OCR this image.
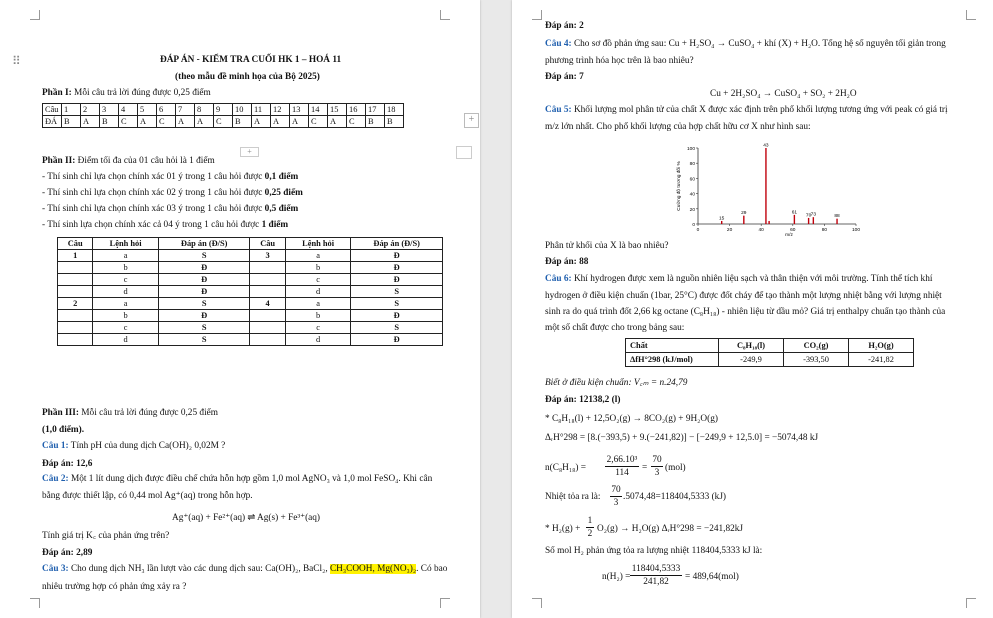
⠿	ĐÁP ÁN - KIỂM TRA CUỐI HK 1 – HOÁ 11
(theo mẫu đề minh họa của Bộ 2025)
Phần I: Mỗi câu trả lời đúng được 0,25 điểm
Câu	1	2	3	4	5	6	7	8	9	10	11	12	13	14	15	16	17	18
ĐÁ	B	A	B	C	A	C	A	A	C	B	A	A	A	C	A	C	B	B	+
+
Phần II: Điểm tối đa của 01 câu hỏi là 1 điểm
- Thí sinh chỉ lựa chọn chính xác 01 ý trong 1 câu hỏi được 0,1 điểm
- Thí sinh chỉ lựa chọn chính xác 02 ý trong 1 câu hỏi được 0,25 điểm
- Thí sinh chỉ lựa chọn chính xác 03 ý trong 1 câu hỏi được 0,5 điểm
- Thí sinh lựa chọn chính xác cả 04 ý trong 1 câu hỏi được 1 điểm
Câu	Lệnh hỏi	Đáp án (Đ/S)	Câu	Lệnh hỏi	Đáp án (Đ/S)
1	a	S	3	a	Đ
	b	Đ		b	Đ
	c	Đ		c	Đ
	d	Đ		d	S
2	a	S	4	a	S
	b	Đ		b	Đ
	c	S		c	S
	d	S		d	Đ
Phần III: Mỗi câu trả lời đúng được 0,25 điểm
(1,0 điểm).
Câu 1: Tính pH của dung dịch Ca(OH)₂ 0,02M ?
Đáp án: 12,6
Câu 2: Một 1 lít dung dịch được điều chế chứa hỗn hợp gồm 1,0 mol AgNO₃ và 1,0 mol FeSO₄. Khi cân
bằng được thiết lập, có 0,44 mol Ag⁺(aq) trong hỗn hợp.
Ag⁺(aq) + Fe²⁺(aq) ⇌ Ag(s) + Fe³⁺(aq)
Tính giá trị K꜀ của phản ứng trên?
Đáp án: 2,89
Câu 3: Cho dung dịch NH₃ lần lượt vào các dung dịch sau: Ca(OH)₂, BaCl₂, CH₃COOH, Mg(NO₃)₂. Có bao
nhiêu trường hợp có phản ứng xảy ra ?
Đáp án: 2
Câu 4: Cho sơ đồ phản ứng sau: Cu + H₂SO₄ → CuSO₄ + khí (X) + H₂O. Tổng hệ số nguyên tối giản trong
phương trình hóa học trên là bao nhiêu?
Đáp án: 7
Cu + 2H₂SO₄ → CuSO₄ + SO₂ + 2H₂O
Câu 5: Khối lượng mol phân tử của chất X được xác định trên phổ khối lượng tương ứng với peak có giá trị
m/z lớn nhất. Cho phổ khối lượng của hợp chất hữu cơ X như hình sau:
0
20
40
60
80
100
0	20	40	60	80	100
15
29
43
61
70 73	88
m/z
Cường độ tương đối %
Phân tử khối của X là bao nhiêu?
Đáp án: 88
Câu 6: Khí hydrogen được xem là nguồn nhiên liệu sạch và thân thiện với môi trường. Tính thể tích khí
hydrogen ở điều kiện chuẩn (1bar, 25°C) được đốt cháy để tạo thành một lượng nhiệt bằng với lượng nhiệt
sinh ra do quá trình đốt 2,66 kg octane (C₈H₁₈) - nhiên liệu từ dầu mỏ? Giá trị enthalpy chuẩn tạo thành của
một số chất được cho trong bảng sau:
Chất	C₈H₁₈(l)	CO₂(g)	H₂O(g)
ΔfH°298 (kJ/mol)	-249,9	-393,50	-241,82
Biết ở điều kiện chuẩn: V꜀ₘ = n.24,79
Đáp án: 12138,2 (l)
* C₈H₁₈(l) + 12,5O₂(g) → 8CO₂(g) + 9H₂O(g)
ΔᵣH°298 = [8.(−393,5) + 9.(−241,82)] − [−249,9 + 12,5.0] = −5074,48 kJ
$n(C_8H_{18}) = \frac{\text{2,66.10³}}{114} = \frac{70}{3} (mol)$
Nhiệt tỏa ra là: $\frac{70}{3} .5074,48=118404,5333$ (kJ)
* $H_2(g) + \frac{1}{2} O_2(g) \to H_2O(g)$ ΔᵣH°298 = −241,82kJ
Số mol H₂ phản ứng tỏa ra lượng nhiệt 118404,5333 kJ là:
$n(H_2) = \frac{118404,5333}{241,82} = 489,64(mol)$
